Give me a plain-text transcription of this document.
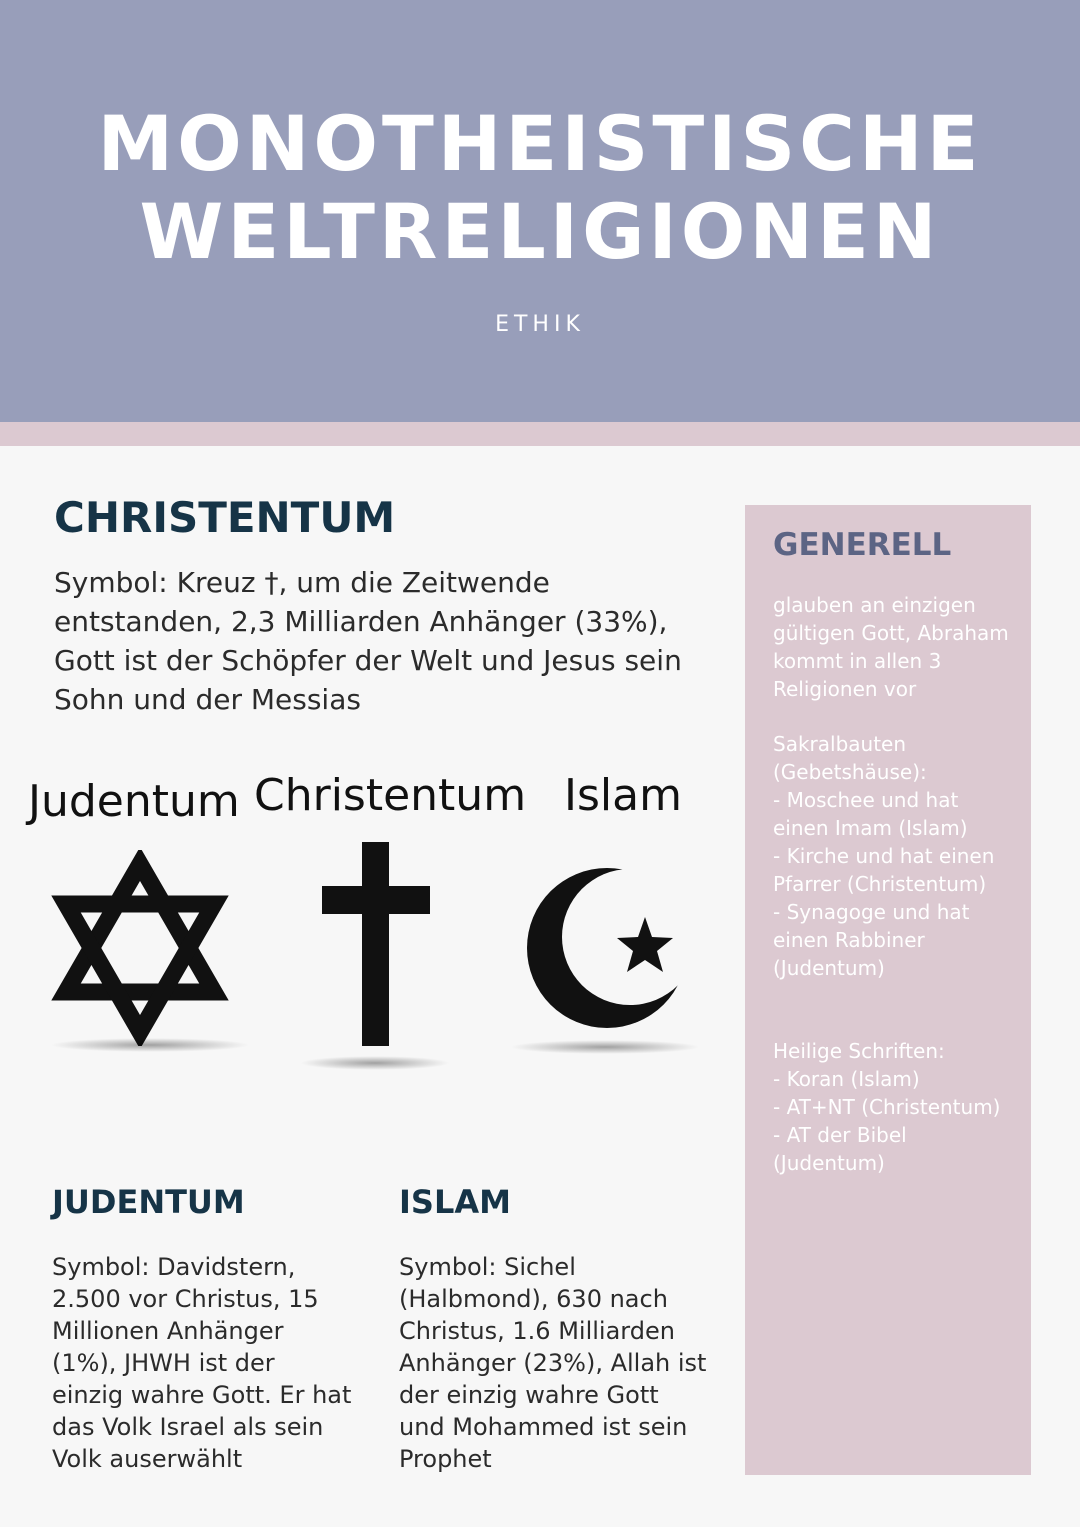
MONOTHEISTISCHE
WELTRELIGIONEN
ETHIK
CHRISTENTUM

Symbol: Kreuz †, um die Zeitwende entstanden, 2,3 Milliarden Anhänger (33%), Gott ist der Schöpfer der Welt und Jesus sein Sohn und der Messias

Judentum Christentum Islam
JUDENTUM

Symbol: Davidstern, 2.500 vor Christus, 15 Millionen Anhänger (1%), JHWH ist der einzig wahre Gott. Er hat das Volk Israel als sein Volk auserwählt

ISLAM

Symbol: Sichel (Halbmond), 630 nach Christus, 1.6 Milliarden Anhänger (23%), Allah ist der einzig wahre Gott und Mohammed ist sein Prophet

GENERELL

glauben an einzigen gültigen Gott, Abraham kommt in allen 3 Religionen vor

Sakralbauten (Gebetshäuse):
- Moschee und hat einen Imam (Islam)
- Kirche und hat einen Pfarrer (Christentum)
- Synagoge und hat einen Rabbiner (Judentum)

Heilige Schriften:
- Koran (Islam)
- AT+NT (Christentum)
- AT der Bibel (Judentum)
